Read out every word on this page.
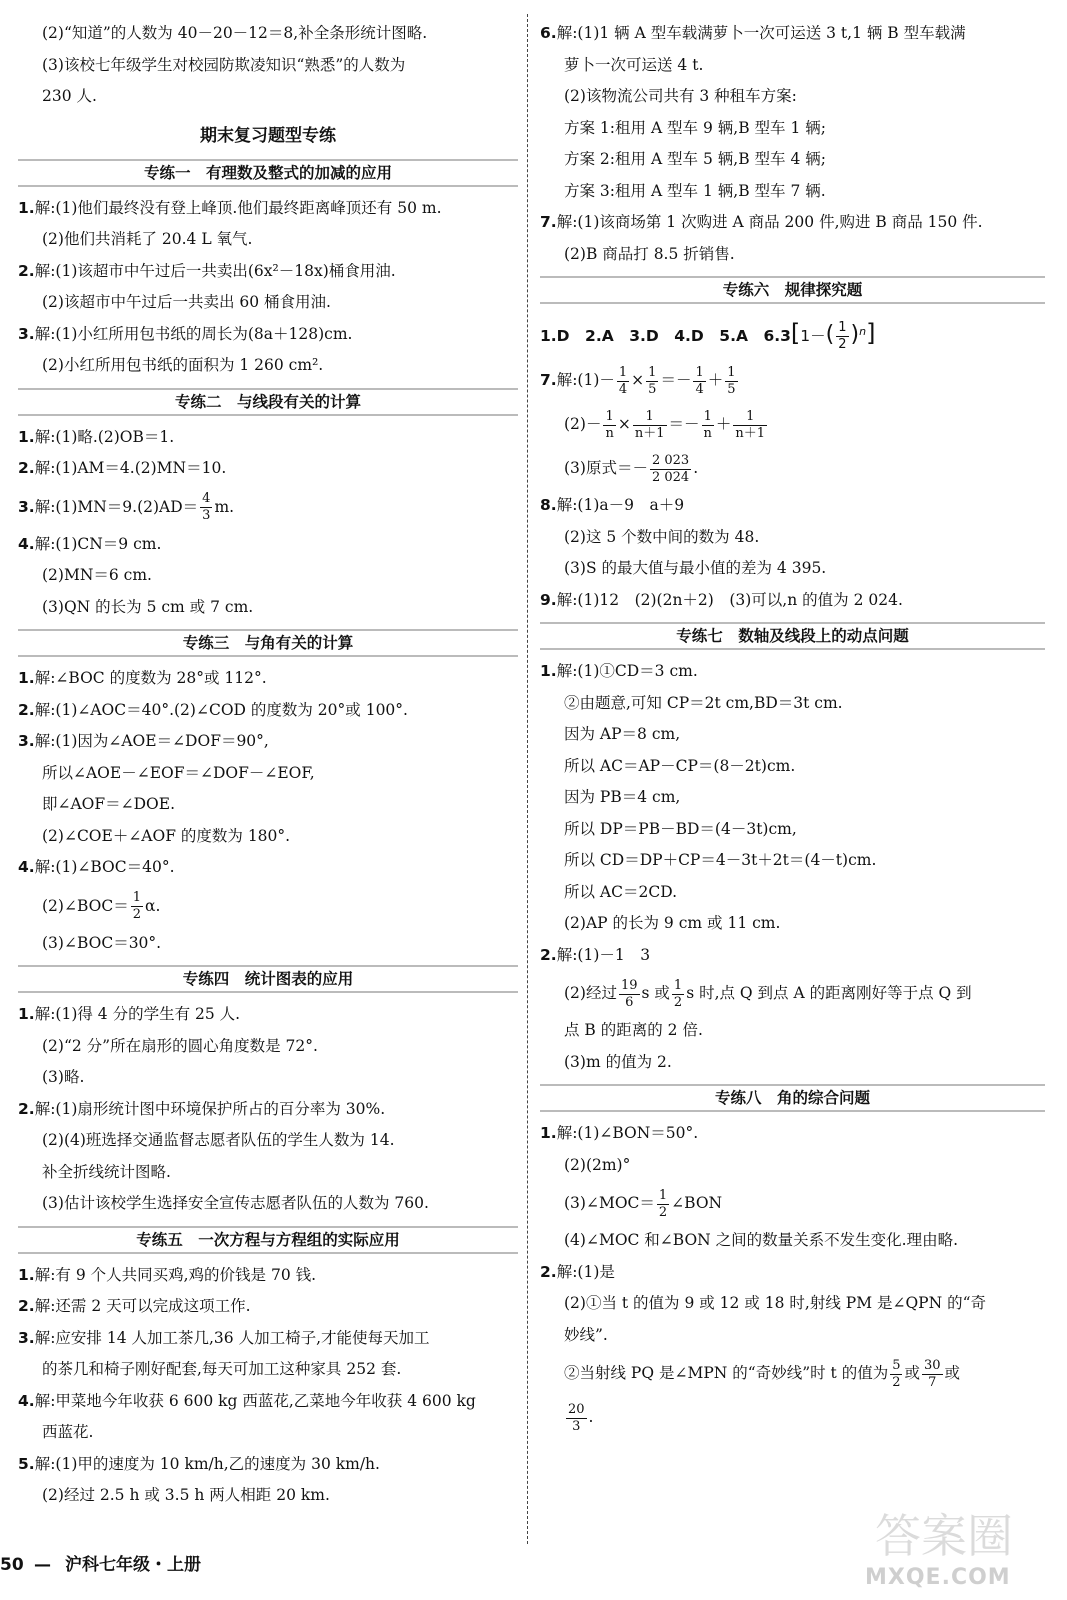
(2)“知道”的人数为 40－20－12＝8,补全条形统计图略.
(3)该校七年级学生对校园防欺凌知识“熟悉”的人数为
230 人.
期末复习题型专练
专练一　有理数及整式的加减的应用
1.解:(1)他们最终没有登上峰顶.他们最终距离峰顶还有 50 m.
(2)他们共消耗了 20.4 L 氧气.
2.解:(1)该超市中午过后一共卖出(6x²－18x)桶食用油.
(2)该超市中午过后一共卖出 60 桶食用油.
3.解:(1)小红所用包书纸的周长为(8a＋128)cm.
(2)小红所用包书纸的面积为 1 260 cm².
专练二　与线段有关的计算
1.解:(1)略.(2)OB＝1.
2.解:(1)AM＝4.(2)MN＝10.
3.解:(1)MN＝9.(2)AD＝ $\frac{4}{3} m$.
4.解:(1)CN＝9 cm.
(2)MN＝6 cm.
(3)QN 的长为 5 cm 或 7 cm.
专练三　与角有关的计算
1.解:∠BOC 的度数为 28°或 112°.
2.解:(1)∠AOC＝40°.(2)∠COD 的度数为 20°或 100°.
3.解:(1)因为∠AOE＝∠DOF＝90°,
所以∠AOE－∠EOF＝∠DOF－∠EOF,
即∠AOF＝∠DOE.
(2)∠COE＋∠AOF 的度数为 180°.
4.解:(1)∠BOC＝40°.
(2)∠BOC＝ $\frac{1}{2} \alpha$.
(3)∠BOC＝30°.
专练四　统计图表的应用
1.解:(1)得 4 分的学生有 25 人.
(2)“2 分”所在扇形的圆心角度数是 72°.
(3)略.
2.解:(1)扇形统计图中环境保护所占的百分率为 30%.
(2)(4)班选择交通监督志愿者队伍的学生人数为 14.
补全折线统计图略.
(3)估计该校学生选择安全宣传志愿者队伍的人数为 760.
专练五　一次方程与方程组的实际应用
1.解:有 9 个人共同买鸡,鸡的价钱是 70 钱.
2.解:还需 2 天可以完成这项工作.
3.解:应安排 14 人加工茶几,36 人加工椅子,才能使每天加工
的茶几和椅子刚好配套,每天可加工这种家具 252 套.
4.解:甲菜地今年收获 6 600 kg 西蓝花,乙菜地今年收获 4 600 kg
西蓝花.
5.解:(1)甲的速度为 10 km/h,乙的速度为 30 km/h.
(2)经过 2.5 h 或 3.5 h 两人相距 20 km.
6.解:(1)1 辆 A 型车载满萝卜一次可运送 3 t,1 辆 B 型车载满
萝卜一次可运送 4 t.
(2)该物流公司共有 3 种租车方案:
方案 1:租用 A 型车 9 辆,B 型车 1 辆;
方案 2:租用 A 型车 5 辆,B 型车 4 辆;
方案 3:租用 A 型车 1 辆,B 型车 7 辆.
7.解:(1)该商场第 1 次购进 A 商品 200 件,购进 B 商品 150 件.
(2)B 商品打 8.5 折销售.
专练六　规律探究题
1.D　2.A　3.D　4.D　5.A　$6.3[1-( \frac{1}{2} )^n]$
7.解:(1)－ $\frac{1}{4} \times \frac{1}{5} =- \frac{1}{4} + \frac{1}{5}$
$(2)- \frac{1}{n} \times \frac{1}{n+1} =- \frac{1}{n} + \frac{1}{n+1}$
(3)原式＝－ $\frac{2 023}{2 024}$ .
8.解:(1)a－9　a＋9
(2)这 5 个数中间的数为 48.
(3)S 的最大值与最小值的差为 4 395.
9.解:(1)12　(2)(2n＋2)　(3)可以,n 的值为 2 024.
专练七　数轴及线段上的动点问题
1.解:(1)①CD＝3 cm.
②由题意,可知 CP＝2t cm,BD＝3t cm.
因为 AP＝8 cm,
所以 AC＝AP－CP＝(8－2t)cm.
因为 PB＝4 cm,
所以 DP＝PB－BD＝(4－3t)cm,
所以 CD＝DP＋CP＝4－3t＋2t＝(4－t)cm.
所以 AC＝2CD.
(2)AP 的长为 9 cm 或 11 cm.
2.解:(1)－1　3
(2)经过 $\frac{19}{6}$ s 或 $\frac{1}{2}$ s 时,点 Q 到点 A 的距离刚好等于点 Q 到
点 B 的距离的 2 倍.
(3)m 的值为 2.
专练八　角的综合问题
1.解:(1)∠BON＝50°.
(2)(2m)°
(3)∠MOC＝ $\frac{1}{2}$ ∠BON
(4)∠MOC 和∠BON 之间的数量关系不发生变化.理由略.
2.解:(1)是
(2)①当 t 的值为 9 或 12 或 18 时,射线 PM 是∠QPN 的“奇
妙线”.
②当射线 PQ 是∠MPN 的“奇妙线”时 t 的值为 $\frac{5}{2}$ 或 $\frac{30}{7}$ 或
$\frac{20}{3}$ .
50 — 沪科七年级・上册
答案圈
MXQE.COM
